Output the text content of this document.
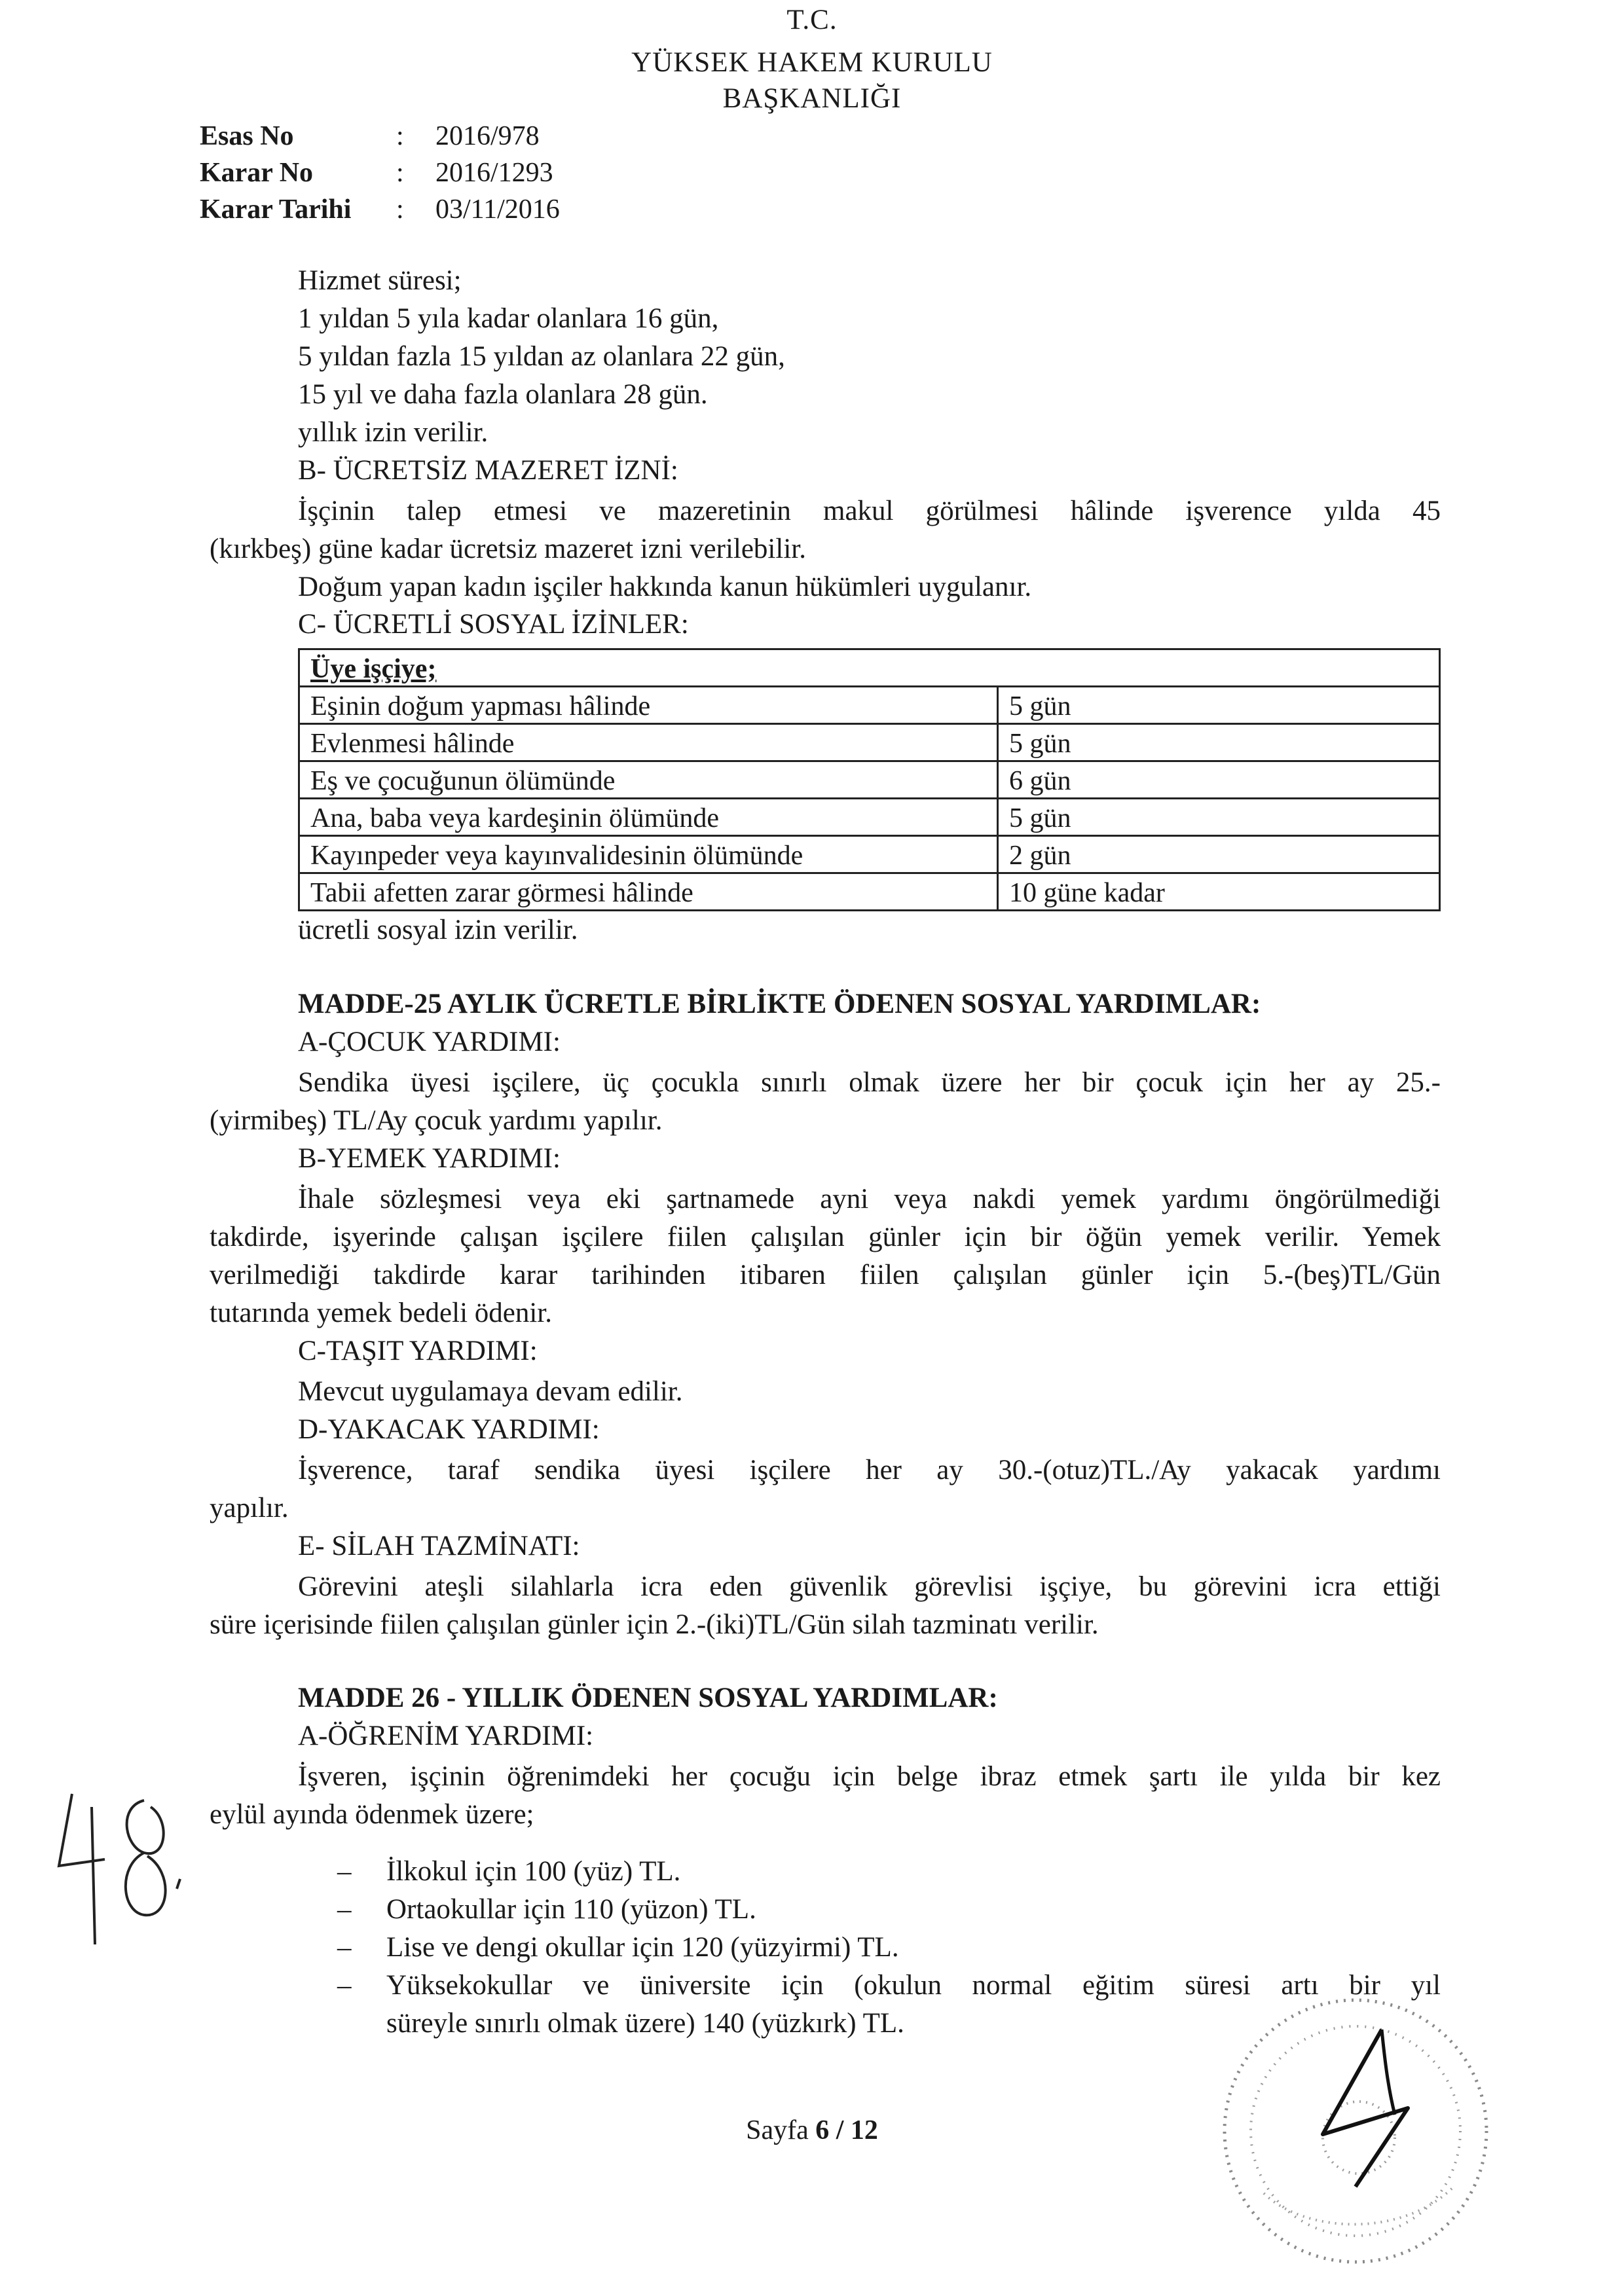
T.C.
YÜKSEK HAKEM KURULU
BAŞKANLIĞI
Esas No	: 2016/978
Karar No	: 2016/1293
Karar Tarihi : 03/11/2016
Hizmet süresi;
1 yıldan 5 yıla kadar olanlara 16 gün,
5 yıldan fazla 15 yıldan az olanlara 22 gün,
15 yıl ve daha fazla olanlara 28 gün.
yıllık izin verilir.
B- ÜCRETSİZ MAZERET İZNİ:
İşçinin talep etmesi ve mazeretinin makul görülmesi hâlinde işverence yılda 45
(kırkbeş) güne kadar ücretsiz mazeret izni verilebilir.
Doğum yapan kadın işçiler hakkında kanun hükümleri uygulanır.
C- ÜCRETLİ SOSYAL İZİNLER:
Üye işçiye;	
Eşinin doğum yapması hâlinde	5 gün
Evlenmesi hâlinde	5 gün
Eş ve çocuğunun ölümünde	6 gün
Ana, baba veya kardeşinin ölümünde	5 gün
Kayınpeder veya kayınvalidesinin ölümünde	2 gün
Tabii afetten zarar görmesi hâlinde	10 güne kadar
ücretli sosyal izin verilir.
MADDE-25 AYLIK ÜCRETLE BİRLİKTE ÖDENEN SOSYAL YARDIMLAR:
A-ÇOCUK YARDIMI:
Sendika üyesi işçilere, üç çocukla sınırlı olmak üzere her bir çocuk için her ay 25.-
(yirmibeş) TL/Ay çocuk yardımı yapılır.
B-YEMEK YARDIMI:
İhale sözleşmesi veya eki şartnamede ayni veya nakdi yemek yardımı öngörülmediği
takdirde, işyerinde çalışan işçilere fiilen çalışılan günler için bir öğün yemek verilir. Yemek
verilmediği takdirde karar tarihinden itibaren fiilen çalışılan günler için 5.-(beş)TL/Gün
tutarında yemek bedeli ödenir.
C-TAŞIT YARDIMI:
Mevcut uygulamaya devam edilir.
D-YAKACAK YARDIMI:
İşverence, taraf sendika üyesi işçilere her ay 30.-(otuz)TL./Ay yakacak yardımı
yapılır.
E- SİLAH TAZMİNATI:
Görevini ateşli silahlarla icra eden güvenlik görevlisi işçiye, bu görevini icra ettiği
süre içerisinde fiilen çalışılan günler için 2.-(iki)TL/Gün silah tazminatı verilir.
MADDE 26 - YILLIK ÖDENEN SOSYAL YARDIMLAR:
A-ÖĞRENİM YARDIMI:
İşveren, işçinin öğrenimdeki her çocuğu için belge ibraz etmek şartı ile yılda bir kez
eylül ayında ödenmek üzere;
– İlkokul için 100 (yüz) TL.
– Ortaokullar için 110 (yüzon) TL.
– Lise ve dengi okullar için 120 (yüzyirmi) TL.
– Yüksekokullar ve üniversite için (okulun normal eğitim süresi artı bir yıl
süreyle sınırlı olmak üzere) 140 (yüzkırk) TL.
Sayfa 6 / 12
